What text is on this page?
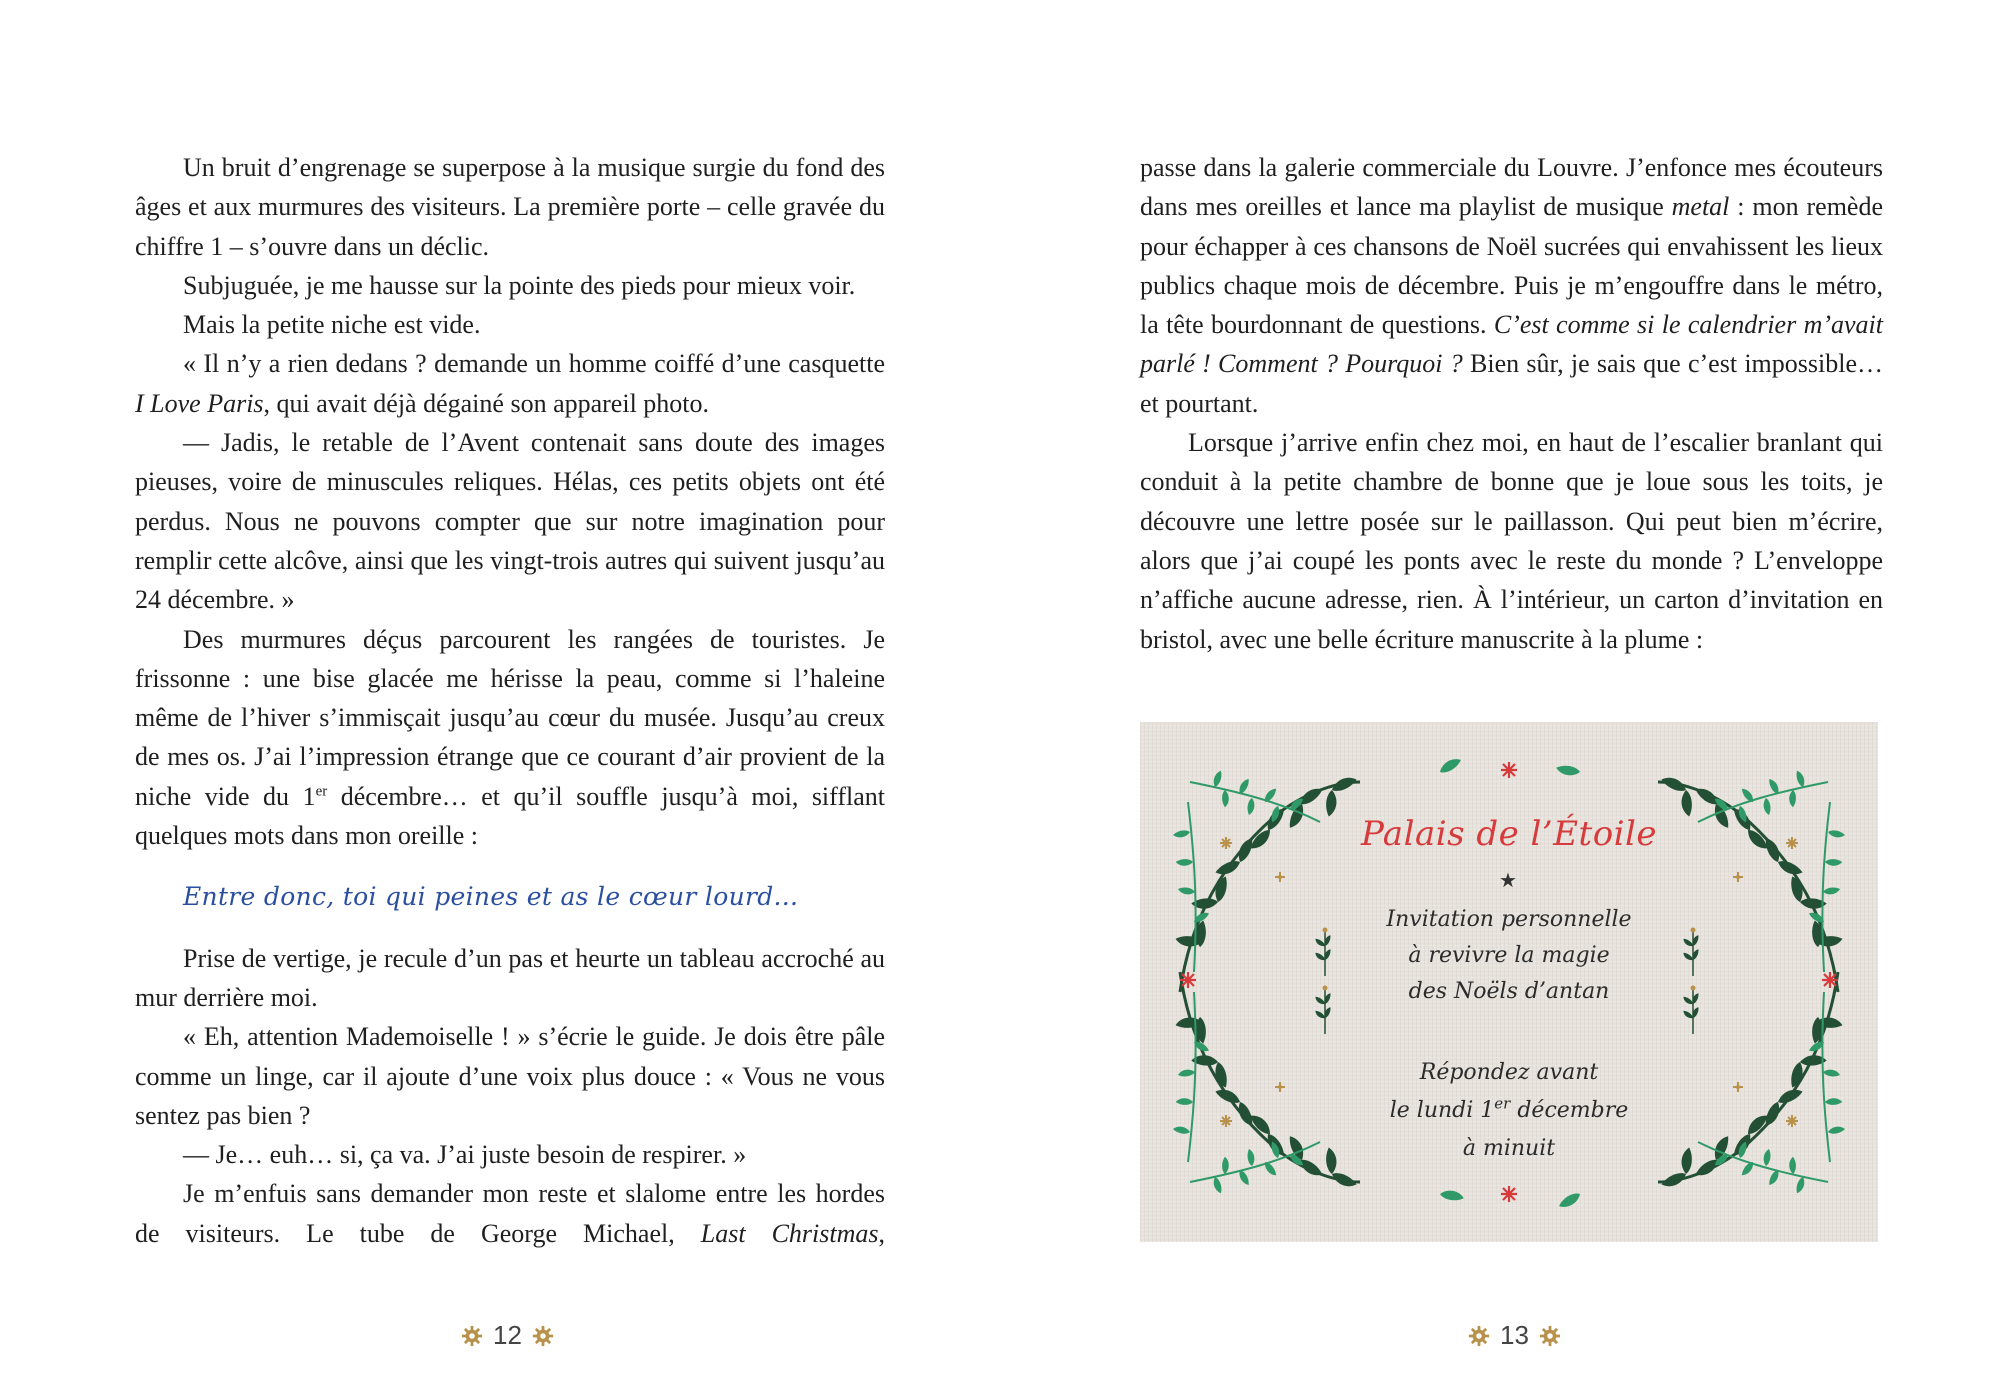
Un bruit d’engrenage se superpose à la musique surgie du fond des âges et aux murmures des visiteurs. La première porte – celle gravée du chiffre 1 – s’ouvre dans un déclic.

Subjuguée, je me hausse sur la pointe des pieds pour mieux voir.

Mais la petite niche est vide.

« Il n’y a rien dedans ? demande un homme coiffé d’une casquette I Love Paris, qui avait déjà dégainé son appareil photo.

— Jadis, le retable de l’Avent contenait sans doute des images pieuses, voire de minuscules reliques. Hélas, ces petits objets ont été perdus. Nous ne pouvons compter que sur notre imagination pour remplir cette alcôve, ainsi que les vingt-trois autres qui suivent jusqu’au 24 décembre. »

Des murmures déçus parcourent les rangées de touristes. Je frissonne : une bise glacée me hérisse la peau, comme si l’haleine même de l’hiver s’immisçait jusqu’au cœur du musée. Jusqu’au creux de mes os. J’ai l’impression étrange que ce courant d’air provient de la niche vide du 1er décembre… et qu’il souffle jusqu’à moi, sifflant quelques mots dans mon oreille :

Entre donc, toi qui peines et as le cœur lourd...

Prise de vertige, je recule d’un pas et heurte un tableau accroché au mur derrière moi.

« Eh, attention Mademoiselle ! » s’écrie le guide. Je dois être pâle comme un linge, car il ajoute d’une voix plus douce : « Vous ne vous sentez pas bien ?

— Je… euh… si, ça va. J’ai juste besoin de respirer. »

Je m’enfuis sans demander mon reste et slalome entre les hordes de visiteurs. Le tube de George Michael, Last Christmas,

12

passe dans la galerie commerciale du Louvre. J’enfonce mes écouteurs dans mes oreilles et lance ma playlist de musique metal : mon remède pour échapper à ces chansons de Noël sucrées qui envahissent les lieux publics chaque mois de décembre. Puis je m’engouffre dans le métro, la tête bourdonnant de questions. C’est comme si le calendrier m’avait parlé ! Comment ? Pourquoi ? Bien sûr, je sais que c’est impossible… et pourtant.

Lorsque j’arrive enfin chez moi, en haut de l’escalier branlant qui conduit à la petite chambre de bonne que je loue sous les toits, je découvre une lettre posée sur le paillasson. Qui peut bien m’écrire, alors que j’ai coupé les ponts avec le reste du monde ? L’enveloppe n’affiche aucune adresse, rien. À l’intérieur, un carton d’invitation en bristol, avec une belle écriture manuscrite à la plume :

Palais de l’Étoile
★
Invitation personnelle
à revivre la magie
des Noëls d’antan
Répondez avant
le lundi 1er décembre
à minuit
13
